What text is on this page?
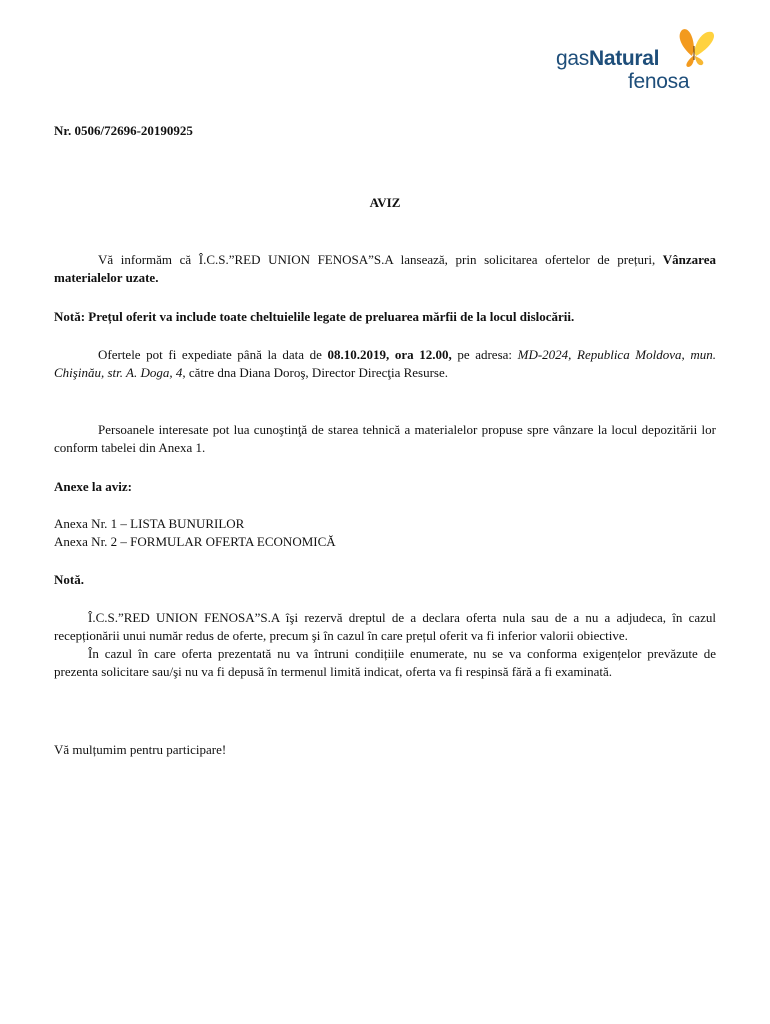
gasNatural
fenosa
Nr. 0506/72696-20190925
AVIZ
Vă informăm că Î.C.S.”RED UNION FENOSA”S.A lansează, prin solicitarea ofertelor de prețuri, Vânzarea materialelor uzate.
Notă: Prețul oferit va include toate cheltuielile legate de preluarea mărfii de la locul dislocării.
Ofertele pot fi expediate până la data de 08.10.2019, ora 12.00, pe adresa: MD-2024, Republica Moldova, mun. Chişinău, str. A. Doga, 4, către dna Diana Doroş, Director Direcţia Resurse.
Persoanele interesate pot lua cunoştinţă de starea tehnică a materialelor propuse spre vânzare la locul depozitării lor conform tabelei din Anexa 1.
Anexe la aviz:
Anexa Nr. 1 – LISTA BUNURILOR
Anexa Nr. 2 – FORMULAR OFERTA ECONOMICĂ
Notă.
Î.C.S.”RED UNION FENOSA”S.A îşi rezervă dreptul de a declara oferta nula sau de a nu a adjudeca, în cazul recepționării unui număr redus de oferte, precum şi în cazul în care prețul oferit va fi inferior valorii obiective.
În cazul în care oferta prezentată nu va întruni condițiile enumerate, nu se va conforma exigențelor prevăzute de prezenta solicitare sau/şi nu va fi depusă în termenul limită indicat, oferta va fi respinsă fără a fi examinată.
Vă mulțumim pentru participare!
